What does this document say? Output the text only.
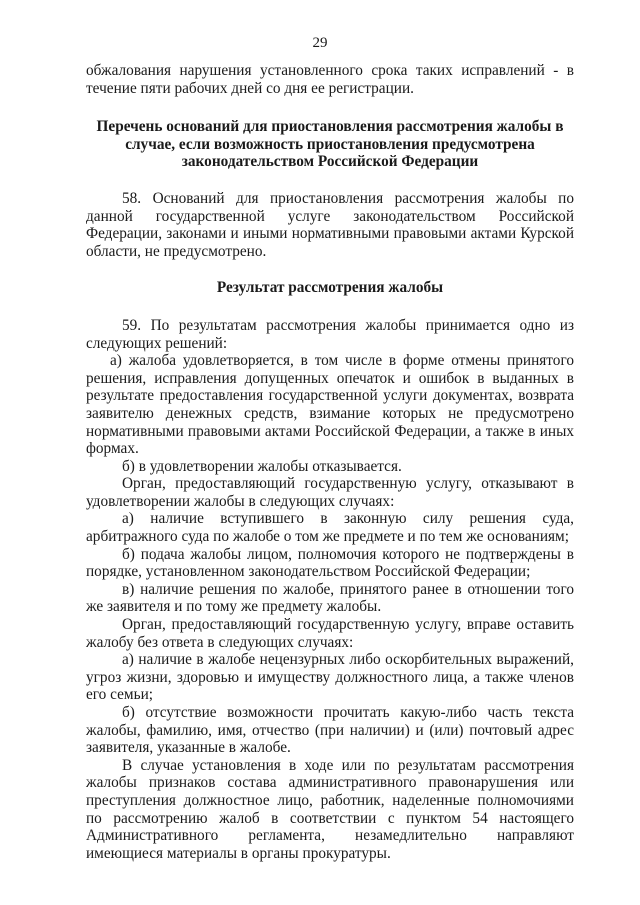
29

обжалования нарушения установленного срока таких исправлений - в течение пяти рабочих дней со дня ее регистрации.

Перечень оснований для приостановления рассмотрения жалобы в случае, если возможность приостановления предусмотрена законодательством Российской Федерации

58. Оснований для приостановления рассмотрения жалобы по данной государственной услуге законодательством Российской Федерации, законами и иными нормативными правовыми актами Курской области, не предусмотрено.

Результат рассмотрения жалобы

59. По результатам рассмотрения жалобы принимается одно из следующих решений:

а) жалоба удовлетворяется, в том числе в форме отмены принятого решения, исправления допущенных опечаток и ошибок в выданных в результате предоставления государственной услуги документах, возврата заявителю денежных средств, взимание которых не предусмотрено нормативными правовыми актами Российской Федерации, а также в иных формах.

б) в удовлетворении жалобы отказывается.

Орган, предоставляющий государственную услугу, отказывают в удовлетворении жалобы в следующих случаях:

а) наличие вступившего в законную силу решения суда, арбитражного суда по жалобе о том же предмете и по тем же основаниям;

б) подача жалобы лицом, полномочия которого не подтверждены в порядке, установленном законодательством Российской Федерации;

в) наличие решения по жалобе, принятого ранее в отношении того же заявителя и по тому же предмету жалобы.

Орган, предоставляющий государственную услугу, вправе оставить жалобу без ответа в следующих случаях:

а) наличие в жалобе нецензурных либо оскорбительных выражений, угроз жизни, здоровью и имуществу должностного лица, а также членов его семьи;

б) отсутствие возможности прочитать какую-либо часть текста жалобы, фамилию, имя, отчество (при наличии) и (или) почтовый адрес заявителя, указанные в жалобе.

В случае установления в ходе или по результатам рассмотрения жалобы признаков состава административного правонарушения или преступления должностное лицо, работник, наделенные полномочиями по рассмотрению жалоб в соответствии с пунктом 54 настоящего Административного регламента, незамедлительно направляют имеющиеся материалы в органы прокуратуры.
